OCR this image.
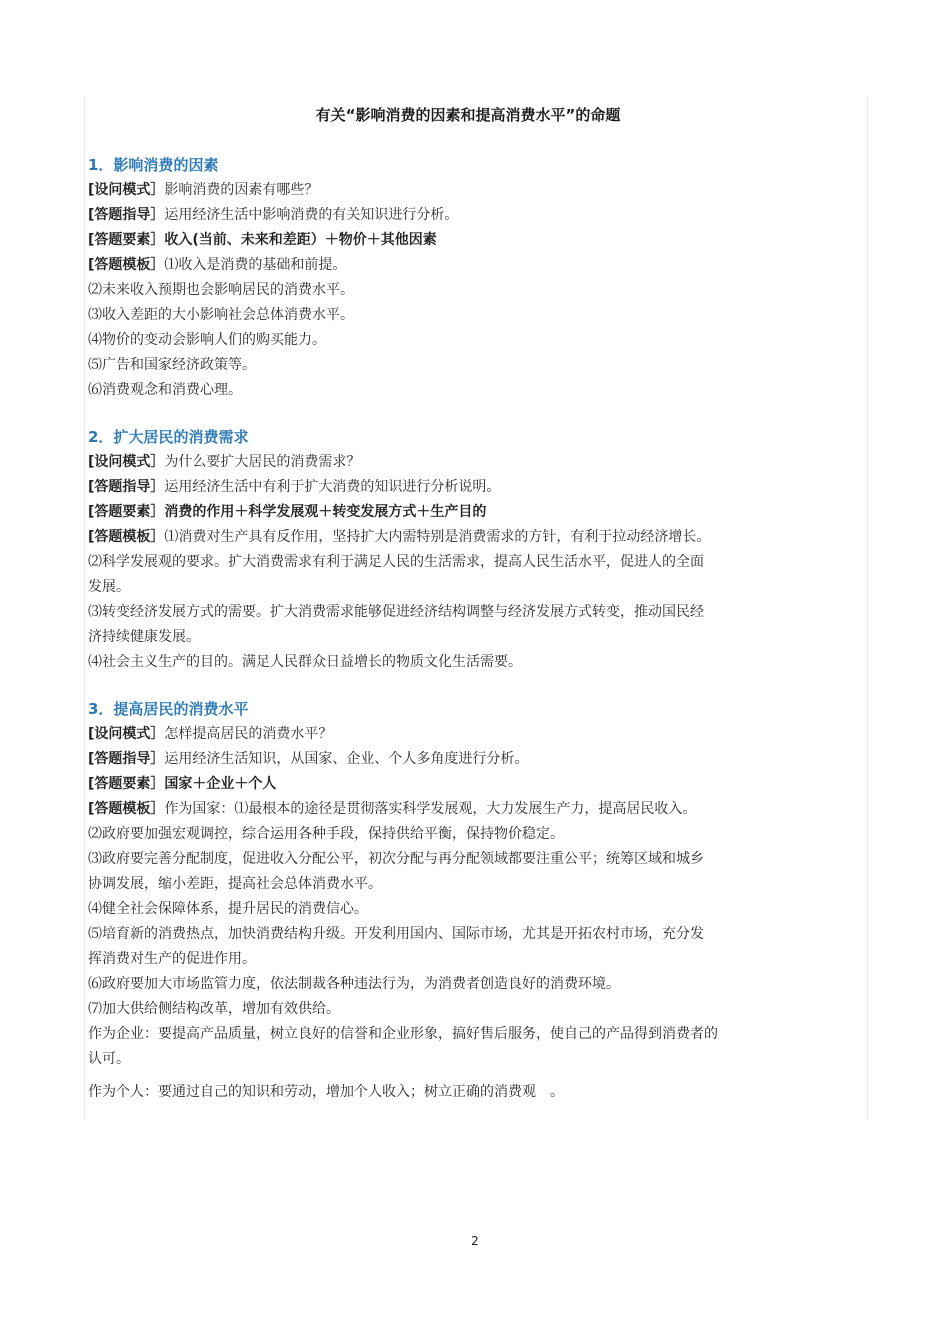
有关“影响消费的因素和提高消费水平”的命题
1．影响消费的因素

[设问模式］影响消费的因素有哪些？

[答题指导］运用经济生活中影响消费的有关知识进行分析。

[答题要素］收入(当前、未来和差距）＋物价＋其他因素

[答题模板］⑴收入是消费的基础和前提。

⑵未来收入预期也会影响居民的消费水平。

⑶收入差距的大小影响社会总体消费水平。

⑷物价的变动会影响人们的购买能力。

⑸广告和国家经济政策等。

⑹消费观念和消费心理。

2．扩大居民的消费需求

[设问模式］为什么要扩大居民的消费需求？

[答题指导］运用经济生活中有利于扩大消费的知识进行分析说明。

[答题要素］消费的作用＋科学发展观＋转变发展方式＋生产目的

[答题模板］⑴消费对生产具有反作用，坚持扩大内需特别是消费需求的方针，有利于拉动经济增长。

⑵科学发展观的要求。扩大消费需求有利于满足人民的生活需求，提高人民生活水平，促进人的全面

发展。

⑶转变经济发展方式的需要。扩大消费需求能够促进经济结构调整与经济发展方式转变，推动国民经

济持续健康发展。

⑷社会主义生产的目的。满足人民群众日益增长的物质文化生活需要。

3．提高居民的消费水平

[设问模式］怎样提高居民的消费水平？

[答题指导］运用经济生活知识，从国家、企业、个人多角度进行分析。

[答题要素］国家＋企业＋个人

[答题模板］作为国家：⑴最根本的途径是贯彻落实科学发展观，大力发展生产力，提高居民收入。

⑵政府要加强宏观调控，综合运用各种手段，保持供给平衡，保持物价稳定。

⑶政府要完善分配制度，促进收入分配公平，初次分配与再分配领域都要注重公平；统筹区域和城乡

协调发展，缩小差距，提高社会总体消费水平。

⑷健全社会保障体系，提升居民的消费信心。

⑸培育新的消费热点，加快消费结构升级。开发利用国内、国际市场，尤其是开拓农村市场，充分发

挥消费对生产的促进作用。

⑹政府要加大市场监管力度，依法制裁各种违法行为，为消费者创造良好的消费环境。

⑺加大供给侧结构改革，增加有效供给。

作为企业：要提高产品质量，树立良好的信誉和企业形象，搞好售后服务，使自己的产品得到消费者的

认可。

作为个人：要通过自己的知识和劳动，增加个人收入；树立正确的消费观　。

2
